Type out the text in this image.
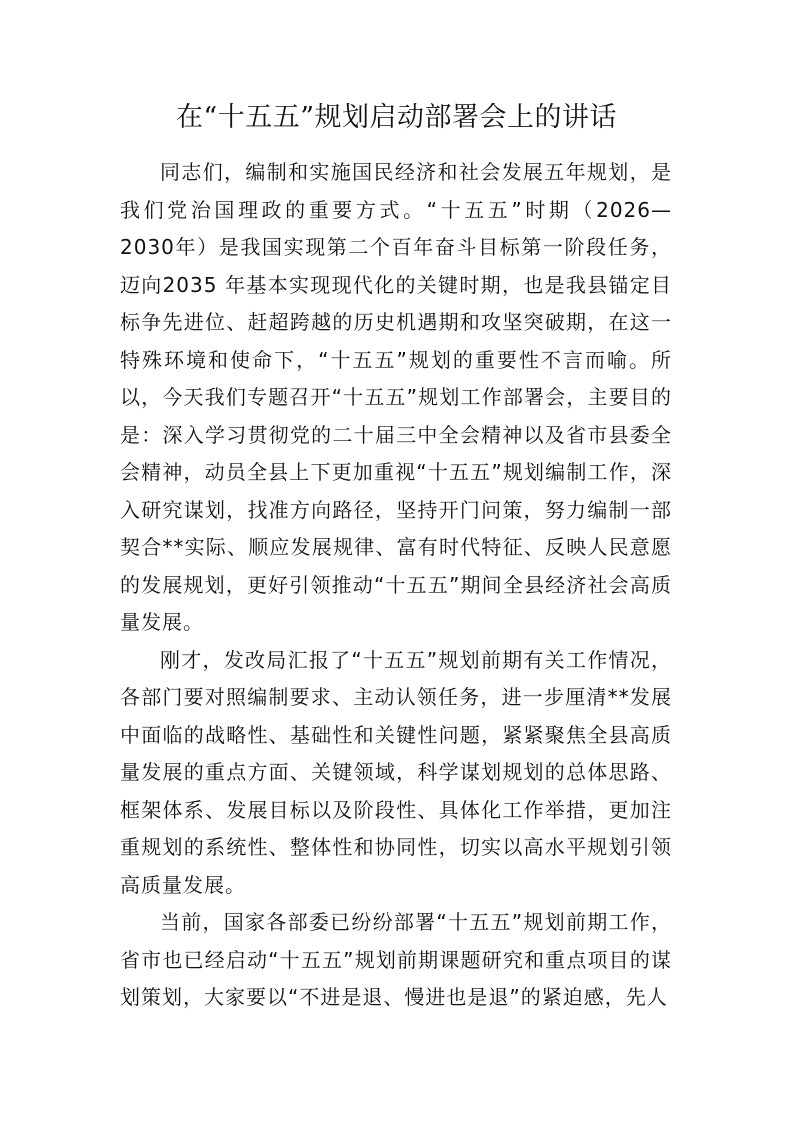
在“十五五”规划启动部署会上的讲话

同志们，编制和实施国民经济和社会发展五年规划，是我们党治国理政的重要方式。“十五五”时期（2026—2030年）是我国实现第二个百年奋斗目标第一阶段任务，迈向2035 年基本实现现代化的关键时期，也是我县锚定目标争先进位、赶超跨越的历史机遇期和攻坚突破期，在这一特殊环境和使命下，“十五五”规划的重要性不言而喻。所以，今天我们专题召开“十五五”规划工作部署会，主要目的是：深入学习贯彻党的二十届三中全会精神以及省市县委全会精神，动员全县上下更加重视“十五五”规划编制工作，深入研究谋划，找准方向路径，坚持开门问策，努力编制一部契合**实际、顺应发展规律、富有时代特征、反映人民意愿的发展规划，更好引领推动“十五五”期间全县经济社会高质量发展。

刚才，发改局汇报了“十五五”规划前期有关工作情况，各部门要对照编制要求、主动认领任务，进一步厘清**发展中面临的战略性、基础性和关键性问题，紧紧聚焦全县高质量发展的重点方面、关键领域，科学谋划规划的总体思路、框架体系、发展目标以及阶段性、具体化工作举措，更加注重规划的系统性、整体性和协同性，切实以高水平规划引领高质量发展。

当前，国家各部委已纷纷部署“十五五”规划前期工作，省市也已经启动“十五五”规划前期课题研究和重点项目的谋划策划，大家要以“不进是退、慢进也是退”的紧迫感，先人
